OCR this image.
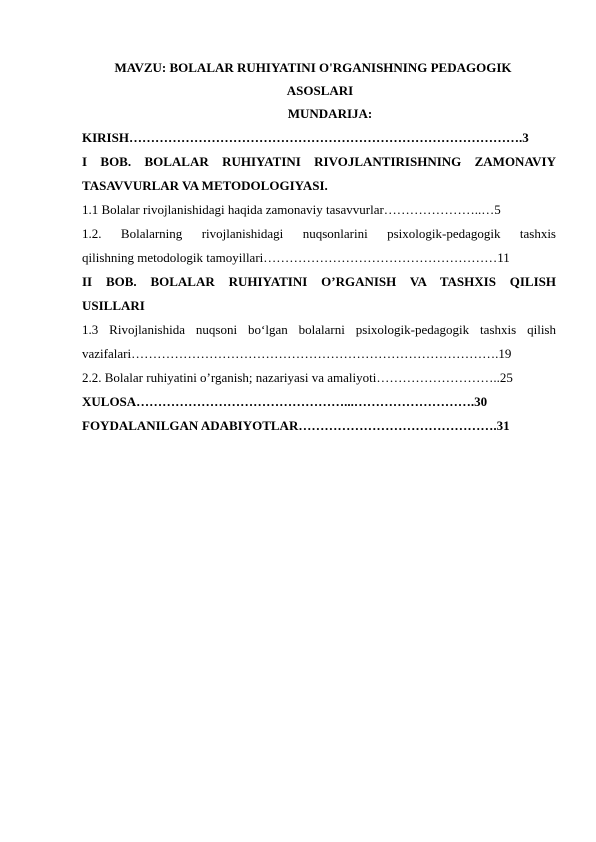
MAVZU: BOLALAR RUHIYATINI O'RGANISHNING PEDAGOGIK
ASOSLARI
MUNDARIJA:
KIRISH……………………………………………………………………………….3
I BOB. BOLALAR RUHIYATINI RIVOJLANTIRISHNING ZAMONAVIY
TASAVVURLAR VA METODOLOGIYASI.
1.1 Bolalar rivojlanishidagi haqida zamonaviy tasavvurlar…………………..…5
1.2. Bolalarning rivojlanishidagi nuqsonlarini psixologik-pedagogik tashxis
qilishning metodologik tamoyillari………………………………………………11
II BOB. BOLALAR RUHIYATINI O’RGANISH VA TASHXIS QILISH
USILLARI
1.3 Rivojlanishida nuqsoni bo‘lgan bolalarni psixologik-pedagogik tashxis qilish
vazifalari………………………………………………………………………….19
2.2. Bolalar ruhiyatini o’rganish; nazariyasi va amaliyoti………………………..25
XULOSA…………………………………………...……………………….30
FOYDALANILGAN ADABIYOTLAR……………………………………….31
